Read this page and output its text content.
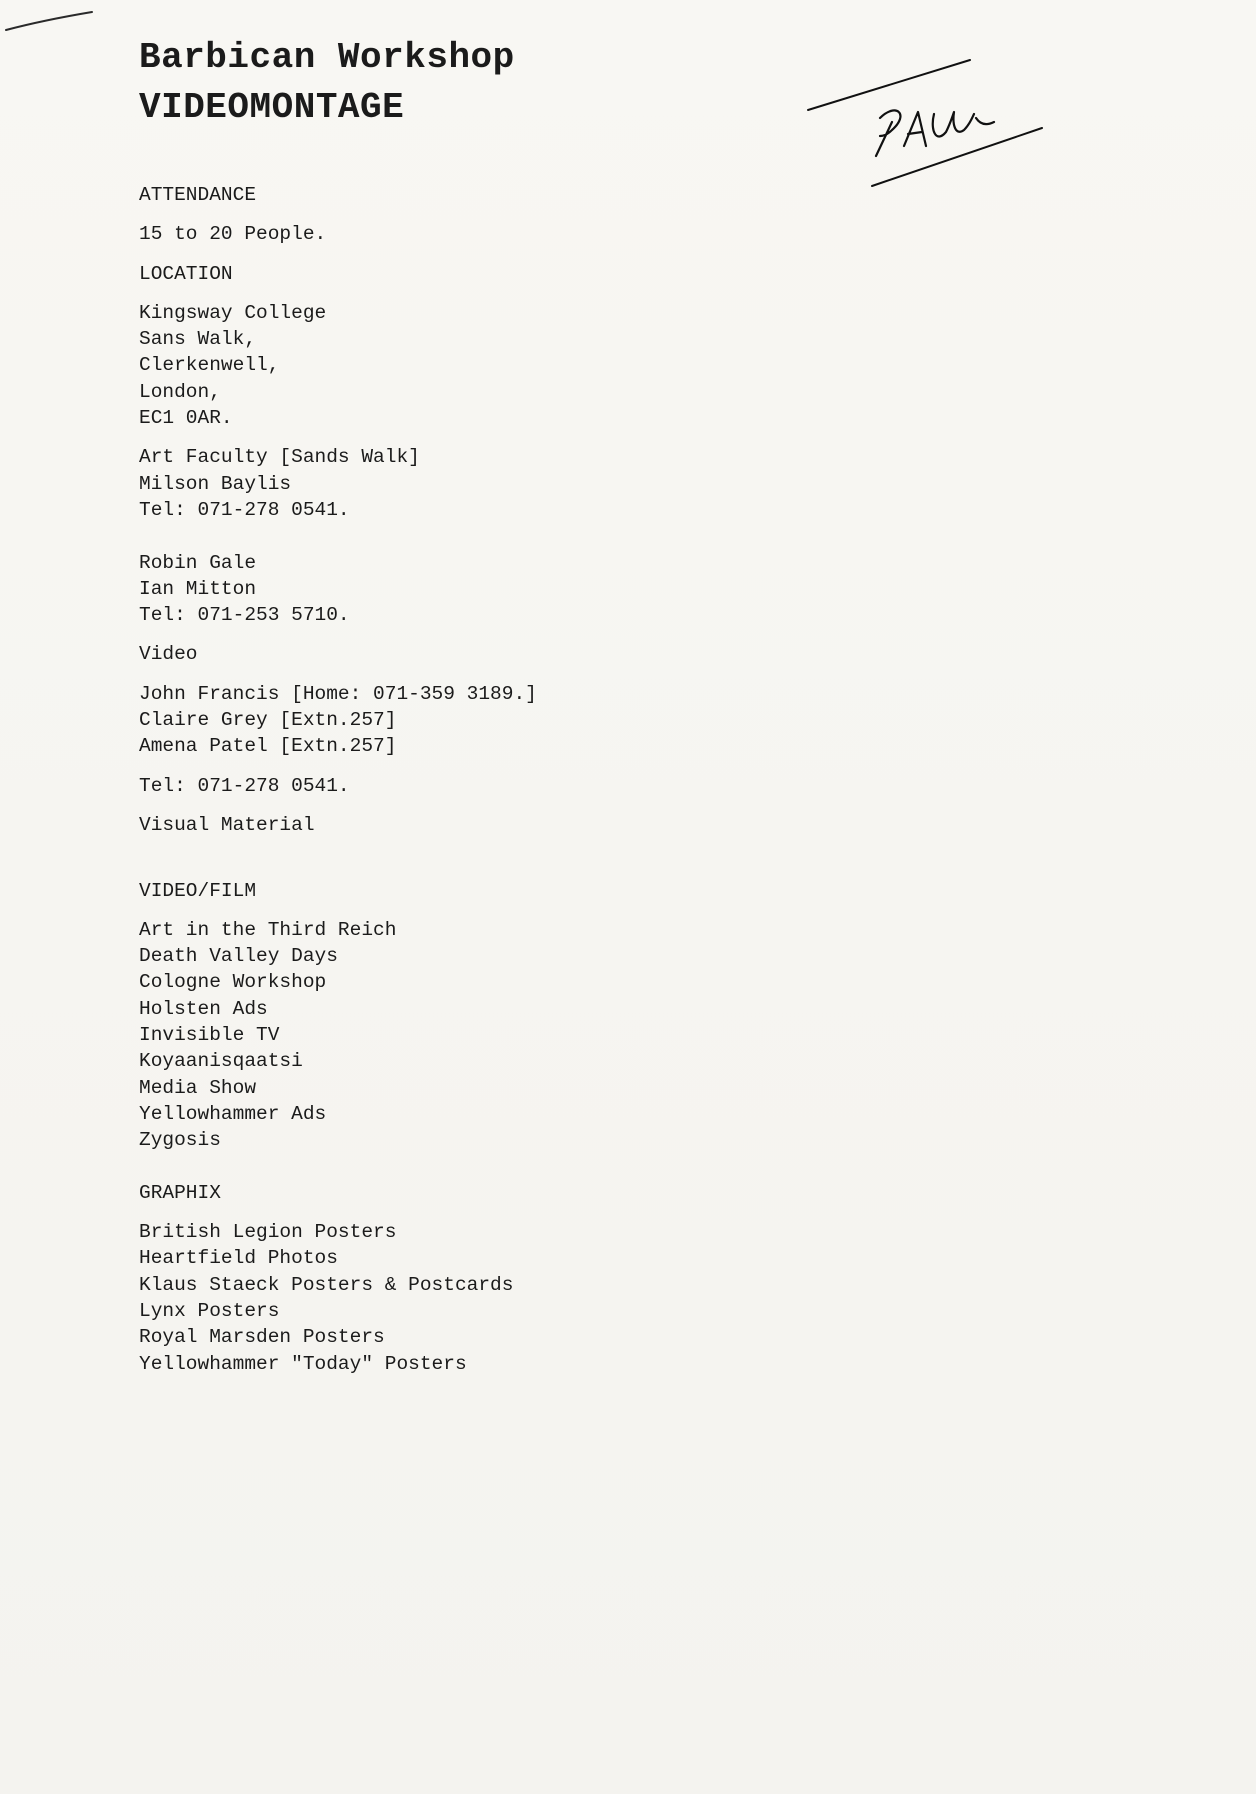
Barbican Workshop
VIDEOMONTAGE
ATTENDANCE
15 to 20 People.
LOCATION
Kingsway College
Sans Walk,
Clerkenwell,
London,
EC1 0AR.
Art Faculty [Sands Walk]
Milson Baylis
Tel: 071-278 0541.
Robin Gale
Ian Mitton
Tel: 071-253 5710.
Video
John Francis [Home: 071-359 3189.]
Claire Grey [Extn.257]
Amena Patel [Extn.257]
Tel: 071-278 0541.
Visual Material
VIDEO/FILM
Art in the Third Reich
Death Valley Days
Cologne Workshop
Holsten Ads
Invisible TV
Koyaanisqaatsi
Media Show
Yellowhammer Ads
Zygosis
GRAPHIX
British Legion Posters
Heartfield Photos
Klaus Staeck Posters & Postcards
Lynx Posters
Royal Marsden Posters
Yellowhammer "Today" Posters
